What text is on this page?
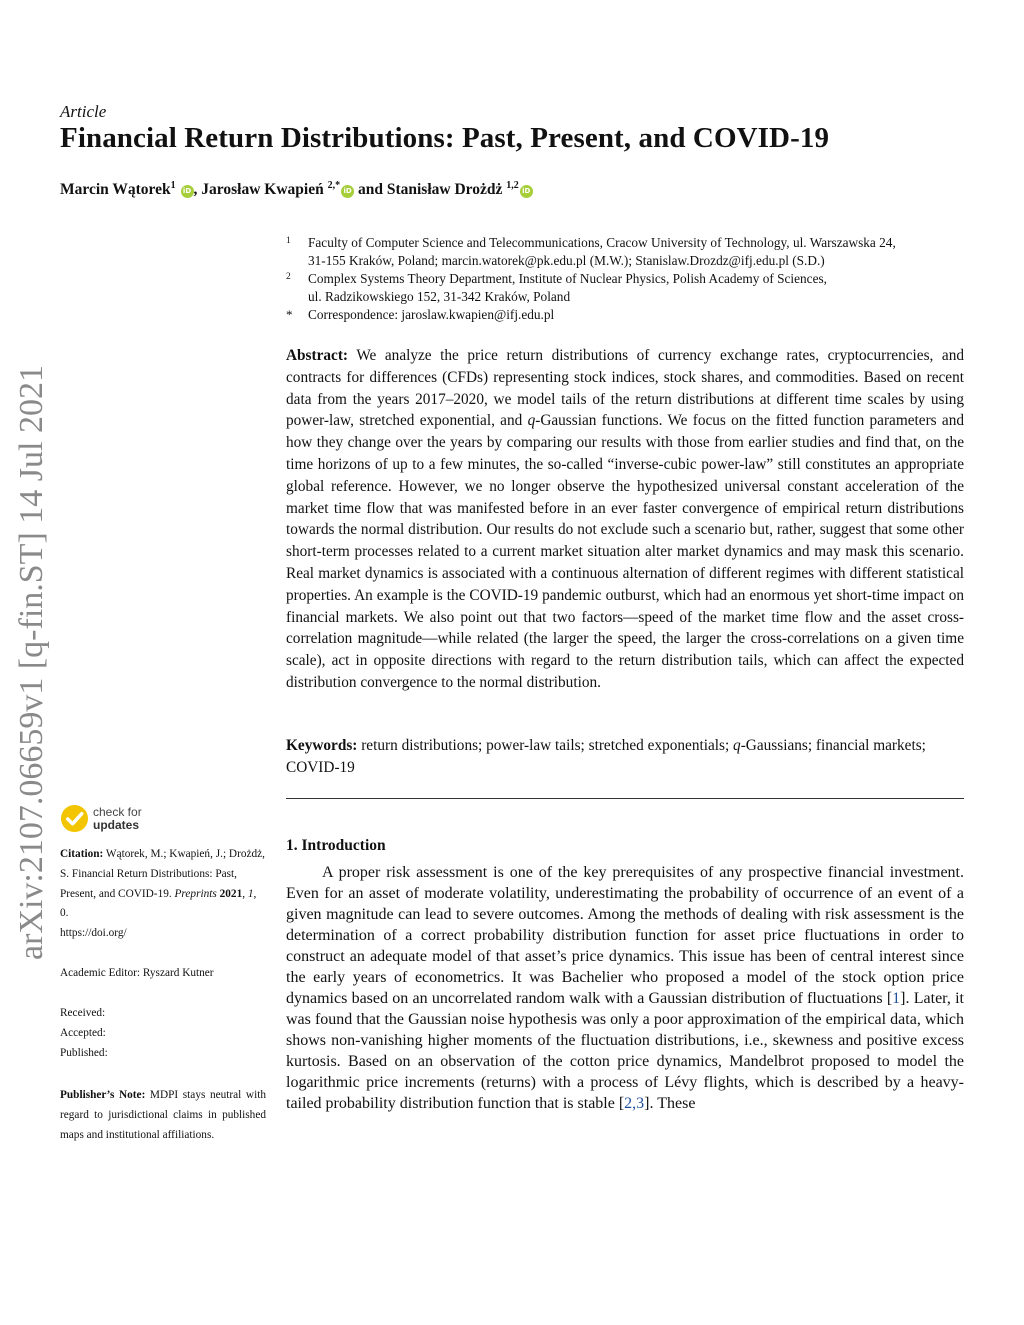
Article
Financial Return Distributions: Past, Present, and COVID-19
Marcin Wątorek$^1$ iD , Jarosław Kwapień $^{2,*}$iD and Stanisław Drożdż $^{1,2}$iD
1 Faculty of Computer Science and Telecommunications, Cracow University of Technology, ul. Warszawska 24,
31-155 Kraków, Poland; marcin.watorek@pk.edu.pl (M.W.); Stanislaw.Drozdz@ifj.edu.pl (S.D.)
2 Complex Systems Theory Department, Institute of Nuclear Physics, Polish Academy of Sciences,
ul. Radzikowskiego 152, 31-342 Kraków, Poland
* Correspondence: jaroslaw.kwapien@ifj.edu.pl
Abstract: We analyze the price return distributions of currency exchange rates, cryptocurrencies, and contracts for differences (CFDs) representing stock indices, stock shares, and commodities. Based on recent data from the years 2017–2020, we model tails of the return distributions at different time scales by using power-law, stretched exponential, and q-Gaussian functions. We focus on the fitted function parameters and how they change over the years by comparing our results with those from earlier studies and find that, on the time horizons of up to a few minutes, the so-called “inverse-cubic power-law” still constitutes an appropriate global reference. However, we no longer observe the hypothesized universal constant acceleration of the market time flow that was manifested before in an ever faster convergence of empirical return distributions towards the normal distribution. Our results do not exclude such a scenario but, rather, suggest that some other short-term processes related to a current market situation alter market dynamics and may mask this scenario. Real market dynamics is associated with a continuous alternation of different regimes with different statistical properties. An example is the COVID-19 pandemic outburst, which had an enormous yet short-time impact on financial markets. We also point out that two factors—speed of the market time flow and the asset cross-correlation magnitude—while related (the larger the speed, the larger the cross-correlations on a given time scale), act in opposite directions with regard to the return distribution tails, which can affect the expected distribution convergence to the normal distribution.
Keywords: return distributions; power-law tails; stretched exponentials; q-Gaussians; financial markets; COVID-19
1. Introduction
A proper risk assessment is one of the key prerequisites of any prospective financial investment. Even for an asset of moderate volatility, underestimating the probability of occurrence of an event of a given magnitude can lead to severe outcomes. Among the methods of dealing with risk assessment is the determination of a correct probability distribution function for asset price fluctuations in order to construct an adequate model of that asset’s price dynamics. This issue has been of central interest since the early years of econometrics. It was Bachelier who proposed a model of the stock option price dynamics based on an uncorrelated random walk with a Gaussian distribution of fluctuations [1]. Later, it was found that the Gaussian noise hypothesis was only a poor approximation of the empirical data, which shows non-vanishing higher moments of the fluctuation distributions, i.e., skewness and positive excess kurtosis. Based on an observation of the cotton price dynamics, Mandelbrot proposed to model the logarithmic price increments (returns) with a process of Lévy flights, which is described by a heavy-tailed probability distribution function that is stable [2,3]. These
arXiv:2107.06659v1 [q-fin.ST] 14 Jul 2021	check for
updates
Citation: Wątorek, M.; Kwapień, J.; Drożdż, S. Financial Return Distributions: Past, Present, and COVID-19. Preprints 2021, 1, 0.
https://doi.org/
Academic Editor: Ryszard Kutner
Received:
Accepted:
Published:
Publisher’s Note: MDPI stays neutral with regard to jurisdictional claims in published maps and institutional affiliations.
